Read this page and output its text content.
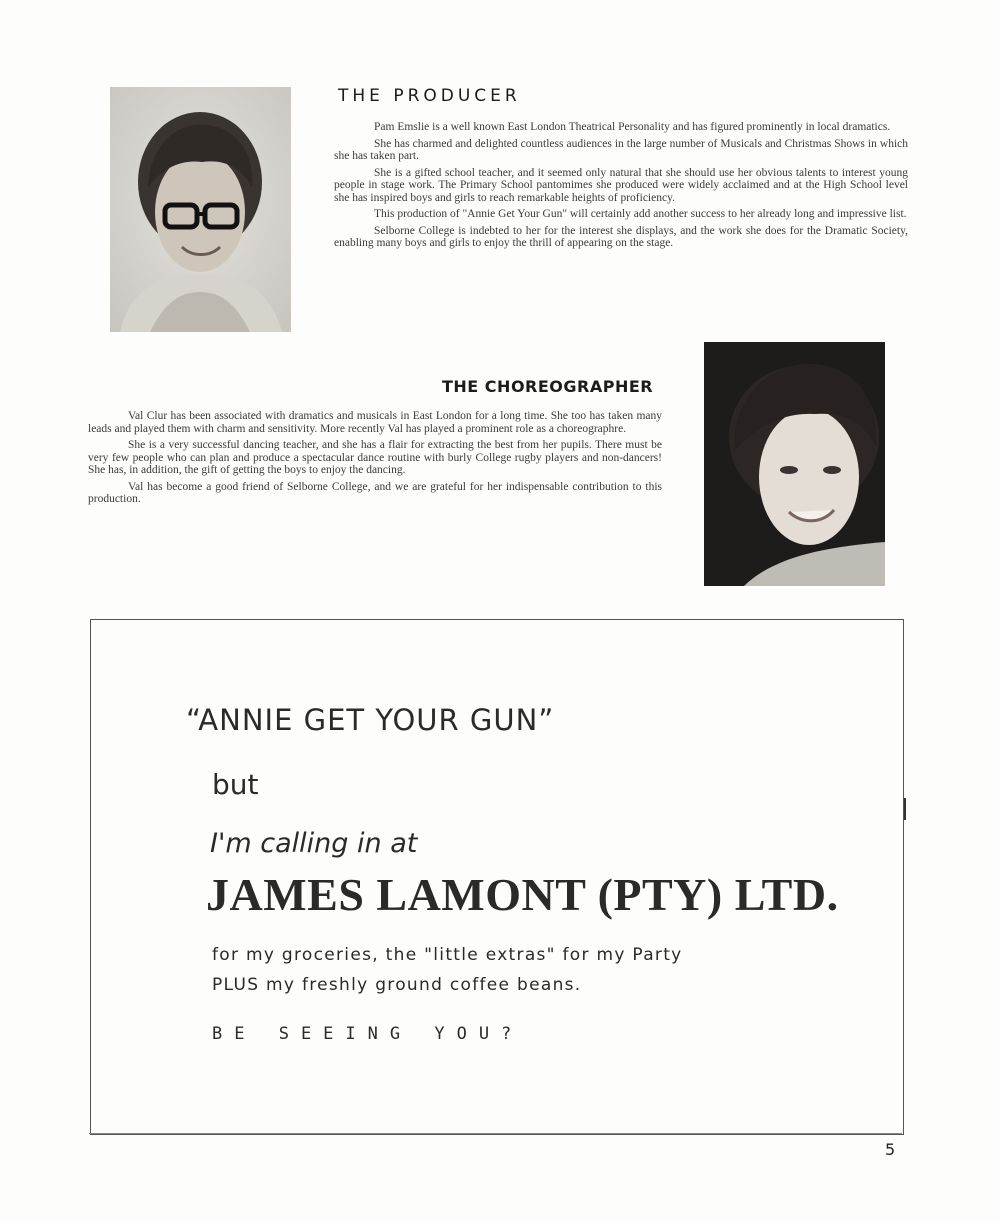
THE PRODUCER

Pam Emslie is a well known East London Theatrical Personality and has figured prominently in local dramatics.

She has charmed and delighted countless audiences in the large number of Musicals and Christmas Shows in which she has taken part.

She is a gifted school teacher, and it seemed only natural that she should use her obvious talents to interest young people in stage work. The Primary School pantomimes she produced were widely acclaimed and at the High School level she has inspired boys and girls to reach remarkable heights of proficiency.

This production of "Annie Get Your Gun" will certainly add another success to her already long and impressive list.

Selborne College is indebted to her for the interest she displays, and the work she does for the Dramatic Society, enabling many boys and girls to enjoy the thrill of appearing on the stage.

THE CHOREOGRAPHER

Val Clur has been associated with dramatics and musicals in East London for a long time. She too has taken many leads and played them with charm and sensitivity. More recently Val has played a prominent role as a choreographre.

She is a very successful dancing teacher, and she has a flair for extracting the best from her pupils. There must be very few people who can plan and produce a spectacular dance routine with burly College rugby players and non-dancers! She has, in addition, the gift of getting the boys to enjoy the dancing.

Val has become a good friend of Selborne College, and we are grateful for her indispensable contribution to this production.

“ANNIE GET YOUR GUN”
but
I'm calling in at
JAMES LAMONT (PTY) LTD.
for my groceries, the "little extras" for my Party
PLUS my freshly ground coffee beans.
BE SEEING YOU?
5
